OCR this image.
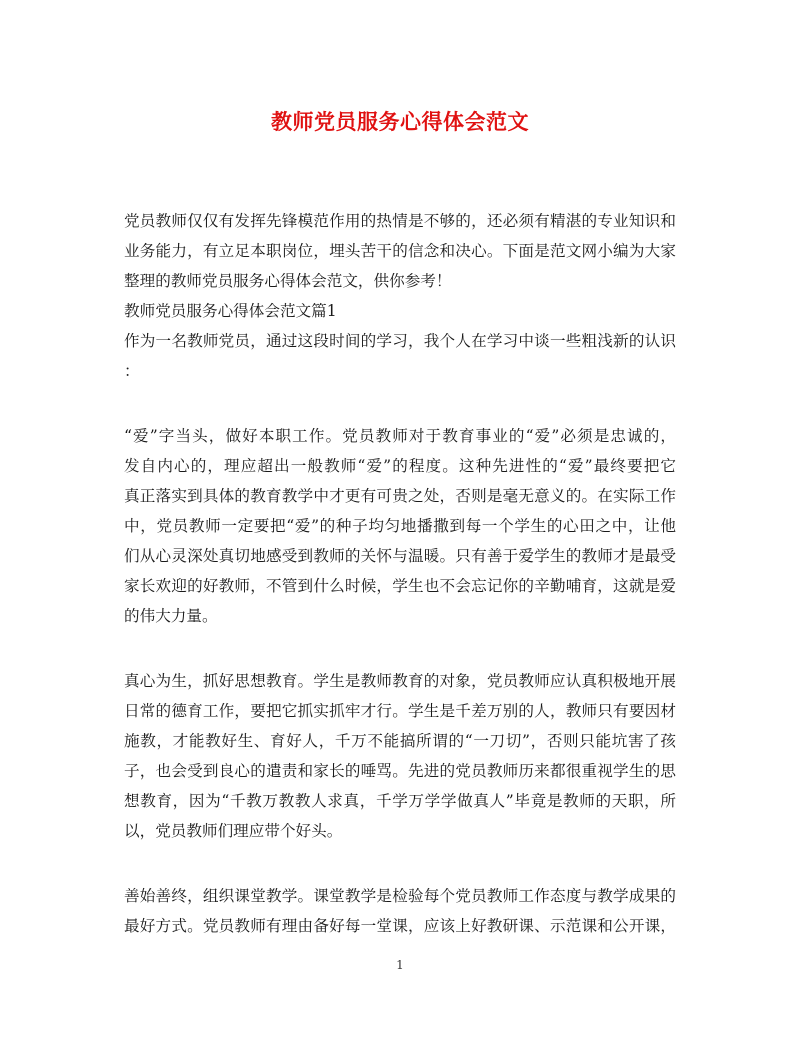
教师党员服务心得体会范文
党员教师仅仅有发挥先锋模范作用的热情是不够的，还必须有精湛的专业知识和
业务能力，有立足本职岗位，埋头苦干的信念和决心。下面是范文网小编为大家
整理的教师党员服务心得体会范文，供你参考！
教师党员服务心得体会范文篇1
作为一名教师党员，通过这段时间的学习，我个人在学习中谈一些粗浅新的认识
：
“爱”字当头，做好本职工作。党员教师对于教育事业的“爱”必须是忠诚的，
发自内心的，理应超出一般教师“爱”的程度。这种先进性的“爱”最终要把它
真正落实到具体的教育教学中才更有可贵之处，否则是毫无意义的。在实际工作
中，党员教师一定要把“爱”的种子均匀地播撒到每一个学生的心田之中，让他
们从心灵深处真切地感受到教师的关怀与温暖。只有善于爱学生的教师才是最受
家长欢迎的好教师，不管到什么时候，学生也不会忘记你的辛勤哺育，这就是爱
的伟大力量。
真心为生，抓好思想教育。学生是教师教育的对象，党员教师应认真积极地开展
日常的德育工作，要把它抓实抓牢才行。学生是千差万别的人，教师只有要因材
施教，才能教好生、育好人，千万不能搞所谓的“一刀切”，否则只能坑害了孩
子，也会受到良心的遣责和家长的唾骂。先进的党员教师历来都很重视学生的思
想教育，因为“千教万教教人求真，千学万学学做真人”毕竟是教师的天职，所
以，党员教师们理应带个好头。
善始善终，组织课堂教学。课堂教学是检验每个党员教师工作态度与教学成果的
最好方式。党员教师有理由备好每一堂课，应该上好教研课、示范课和公开课，
1
